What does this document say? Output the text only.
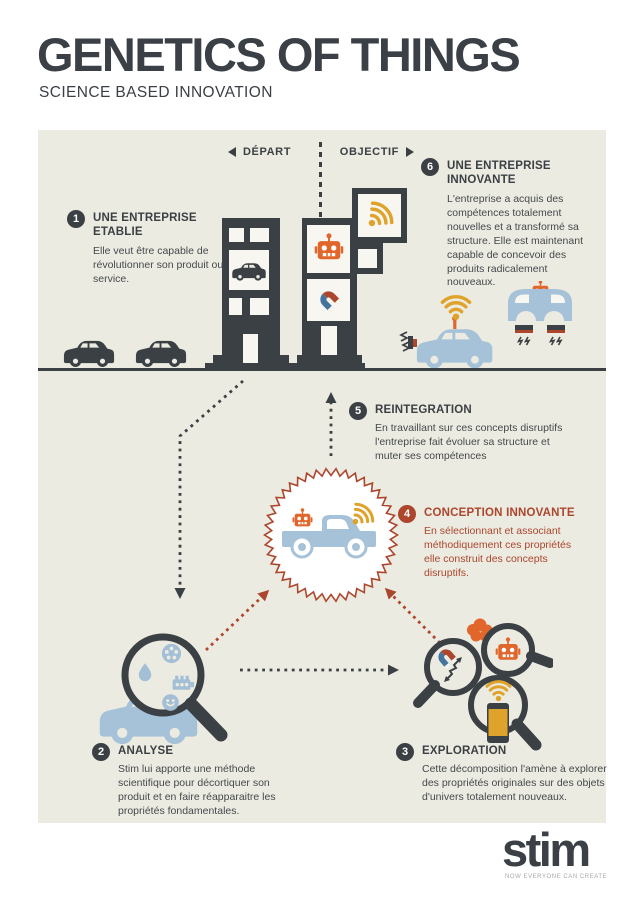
GENETICS OF THINGS
SCIENCE BASED INNOVATION
DÉPART	OBJECTIF
1	UNE ENTREPRISE ETABLIE

Elle veut être capable de révolutionner son produit ou service.

6	UNE ENTREPRISE INNOVANTE

L'entreprise a acquis des compétences totalement nouvelles et a transformé sa structure. Elle est maintenant capable de concevoir des produits radicalement nouveaux.

5	REINTEGRATION

En travaillant sur ces concepts disruptifs l'entreprise fait évoluer sa structure et muter ses compétences

4	CONCEPTION INNOVANTE

En sélectionnant et associant méthodiquement ces propriétés elle construit des concepts disruptifs.

2	ANALYSE

Stim lui apporte une méthode scientifique pour décortiquer son produit et en faire réapparaitre les propriétés fondamentales.

3	EXPLORATION

Cette décomposition l'amène à explorer des propriétés originales sur des objets d'univers totalement nouveaux.

stim
NOW EVERYONE CAN CREATE
